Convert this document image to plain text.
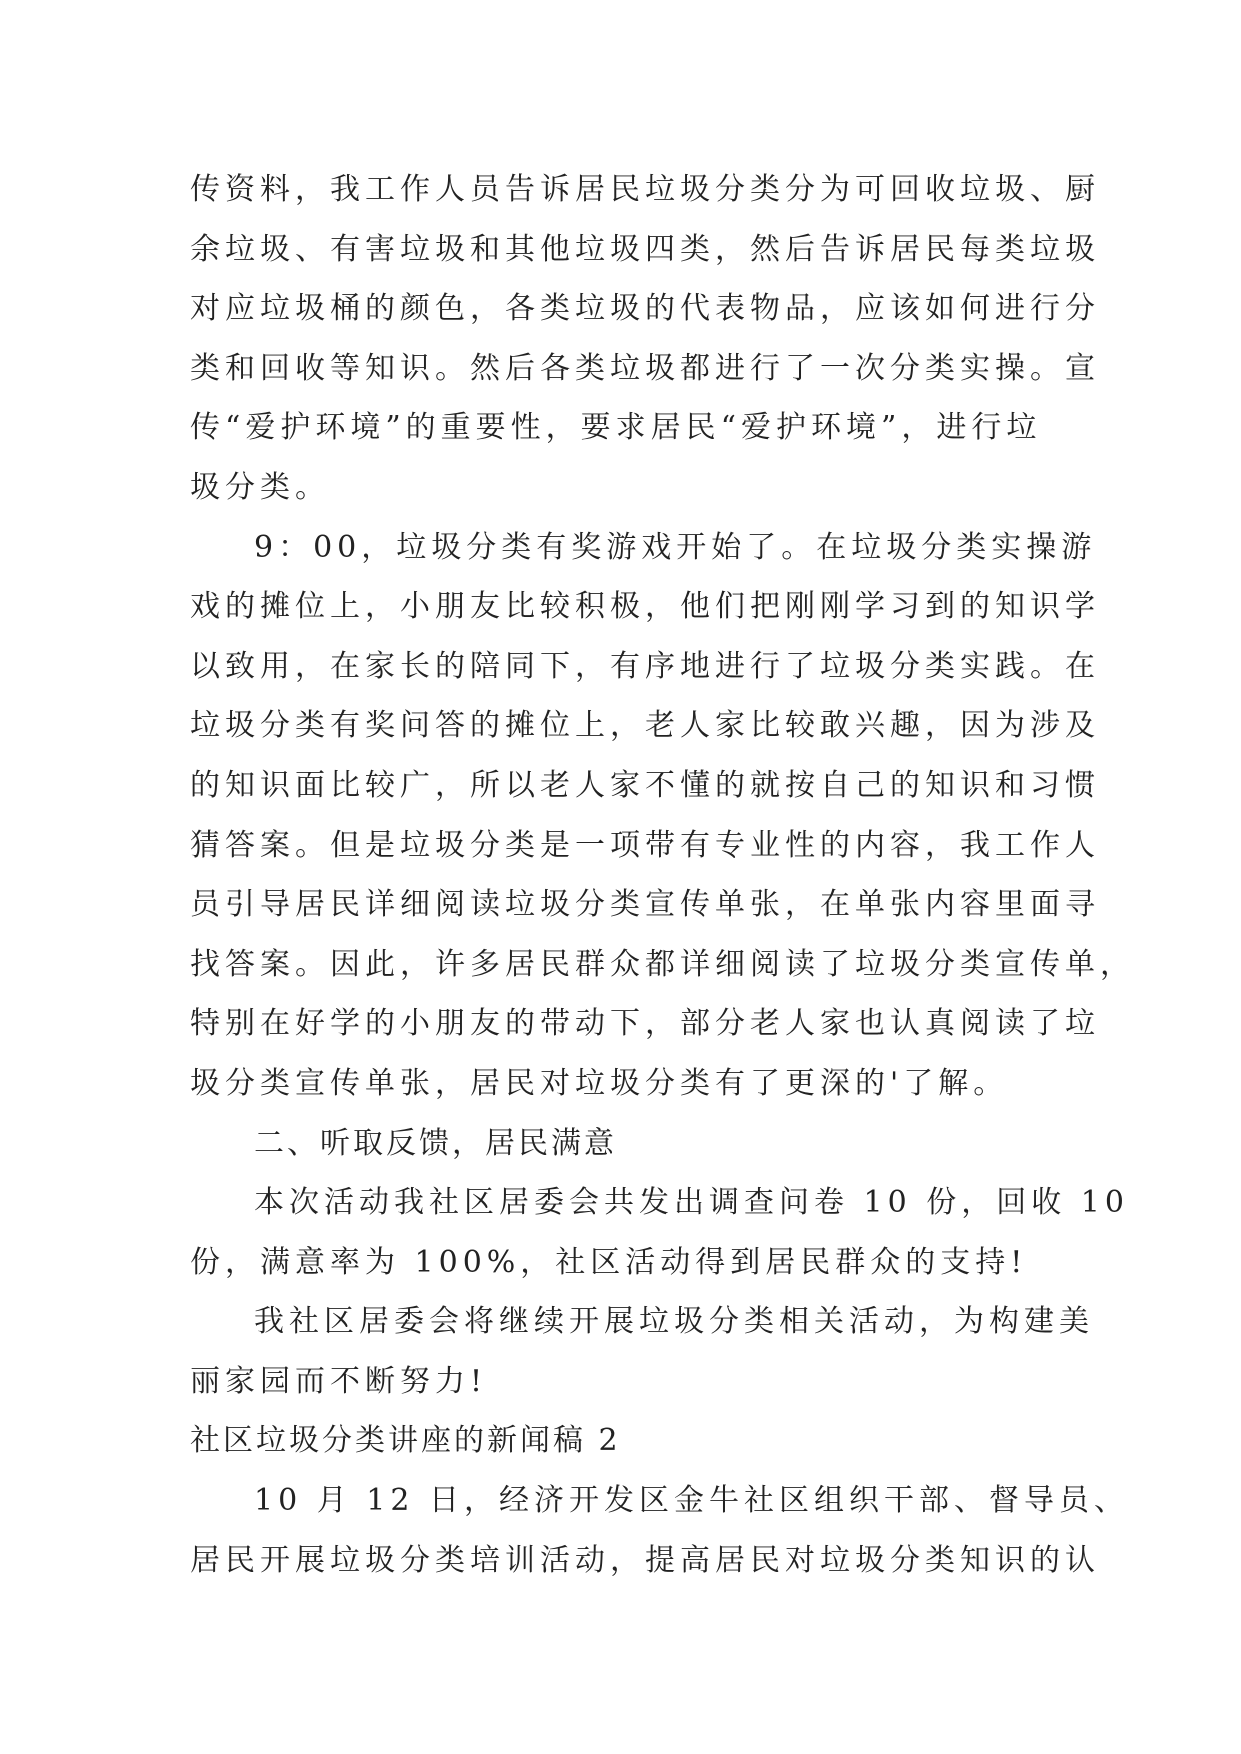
传资料，我工作人员告诉居民垃圾分类分为可回收垃圾、厨
余垃圾、有害垃圾和其他垃圾四类，然后告诉居民每类垃圾
对应垃圾桶的颜色，各类垃圾的代表物品，应该如何进行分
类和回收等知识。然后各类垃圾都进行了一次分类实操。宣
传“爱护环境”的重要性，要求居民“爱护环境”，进行垃
圾分类。
9：00，垃圾分类有奖游戏开始了。在垃圾分类实操游
戏的摊位上，小朋友比较积极，他们把刚刚学习到的知识学
以致用，在家长的陪同下，有序地进行了垃圾分类实践。在
垃圾分类有奖问答的摊位上，老人家比较敢兴趣，因为涉及
的知识面比较广，所以老人家不懂的就按自己的知识和习惯
猜答案。但是垃圾分类是一项带有专业性的内容，我工作人
员引导居民详细阅读垃圾分类宣传单张，在单张内容里面寻
找答案。因此，许多居民群众都详细阅读了垃圾分类宣传单，
特别在好学的小朋友的带动下，部分老人家也认真阅读了垃
圾分类宣传单张，居民对垃圾分类有了更深的'了解。
二、听取反馈，居民满意
本次活动我社区居委会共发出调查问卷 10 份，回收 10
份，满意率为 100%，社区活动得到居民群众的支持!
我社区居委会将继续开展垃圾分类相关活动，为构建美
丽家园而不断努力!
社区垃圾分类讲座的新闻稿 2
10 月 12 日，经济开发区金牛社区组织干部、督导员、
居民开展垃圾分类培训活动，提高居民对垃圾分类知识的认
